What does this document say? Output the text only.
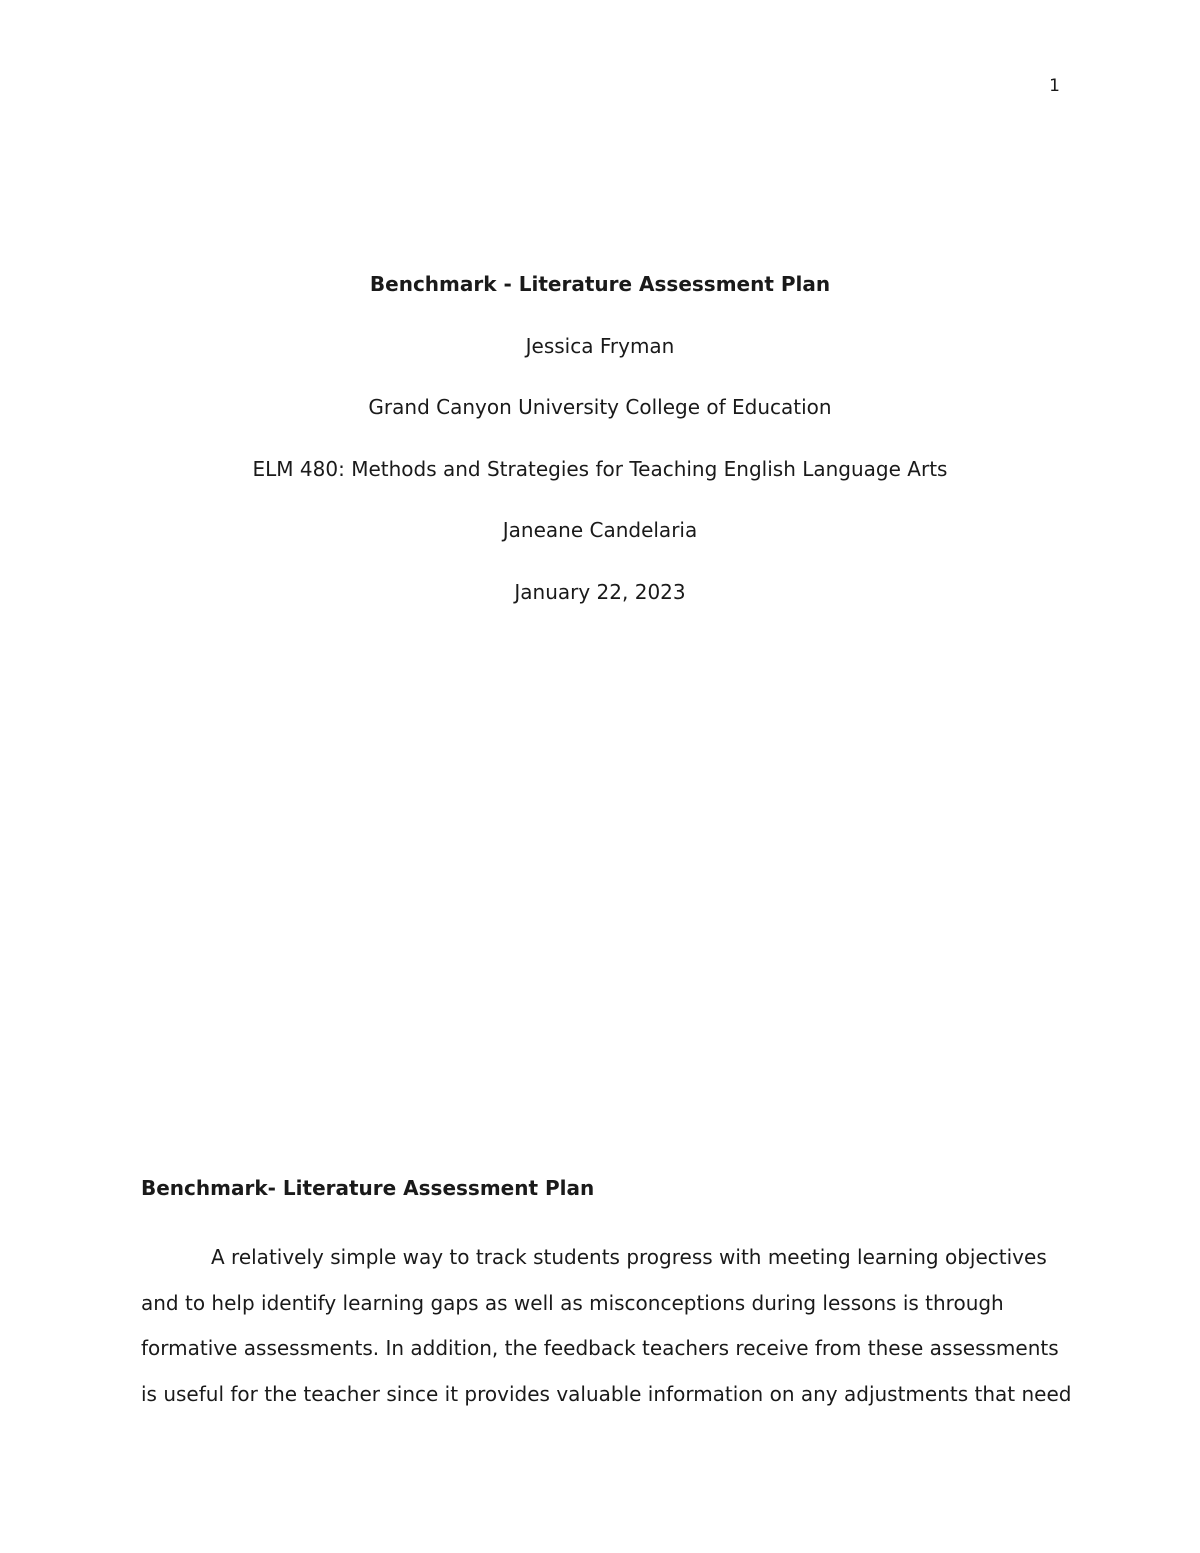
1
Benchmark - Literature Assessment Plan
Jessica Fryman
Grand Canyon University College of Education
ELM 480: Methods and Strategies for Teaching English Language Arts
Janeane Candelaria
January 22, 2023
Benchmark- Literature Assessment Plan

A relatively simple way to track students progress with meeting learning objectives
and to help identify learning gaps as well as misconceptions during lessons is through
formative assessments. In addition, the feedback teachers receive from these assessments
is useful for the teacher since it provides valuable information on any adjustments that need
